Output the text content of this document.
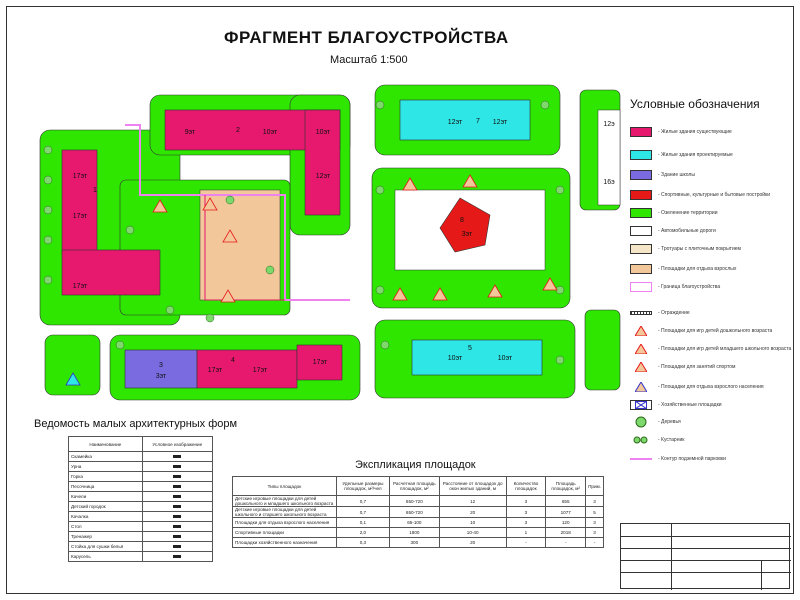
17эт
17эт
17эт
1
9эт	2	10эт	10эт
12эт
3
3эт
17эт	17эт
17эт
4
12эт 7 12эт
8
3эт
10эт
5
10эт
12э
16э
ФРАГМЕНТ БЛАГОУСТРОЙСТВА
Масштаб 1:500
Условные обозначения
- Жилые здания существующие
- Жилые здания проектируемые
- Здание школы
- Спортивные, культурные и бытовые постройки
- Озеленение территории
- Автомобильные дороги
- Тротуары с плиточным покрытием
- Площадки для отдыха взрослых
- Граница благоустройства
- Ограждение
- Площадки для игр детей дошкольного возраста
- Площадки для игр детей младшего школьного возраста
- Площадки для занятий спортом
- Площадки для отдыха взрослого населения
- Хозяйственные площадки
- Деревья
- Кустарник
- Контур подземной парковки
Ведомость малых архитектурных форм
Наименование	Условное изображение
Скамейка	
Урна	
Горка	
Песочница	
Качели	
Детский городок	
Качалка	
Стол	
Тренажер	
Стойка для сушки белья	
Карусель	
Экспликация площадок
Типы площадок	Удельные размеры площадок, м²/чел	Расчетная площадь площадок, м²	Расстояние от площадок до окон жилых зданий, м	Количество площадок	Площадь площадок, м²	Прим.
Детские игровые площадки для детей дошкольного и младшего школьного возраста	0,7	650-720	12	3	655	3
Детские игровые площадки для детей школьного и старшего школьного возраста	0,7	650-720	20	3	1077	5
Площадки для отдыха взрослого населения	0,1	65-100	10	3	120	3
Спортивные площадки	2,0	1800	10-40	1	2018	3
Площадки хозяйственного назначения	0,3	300	20	-	-	-
